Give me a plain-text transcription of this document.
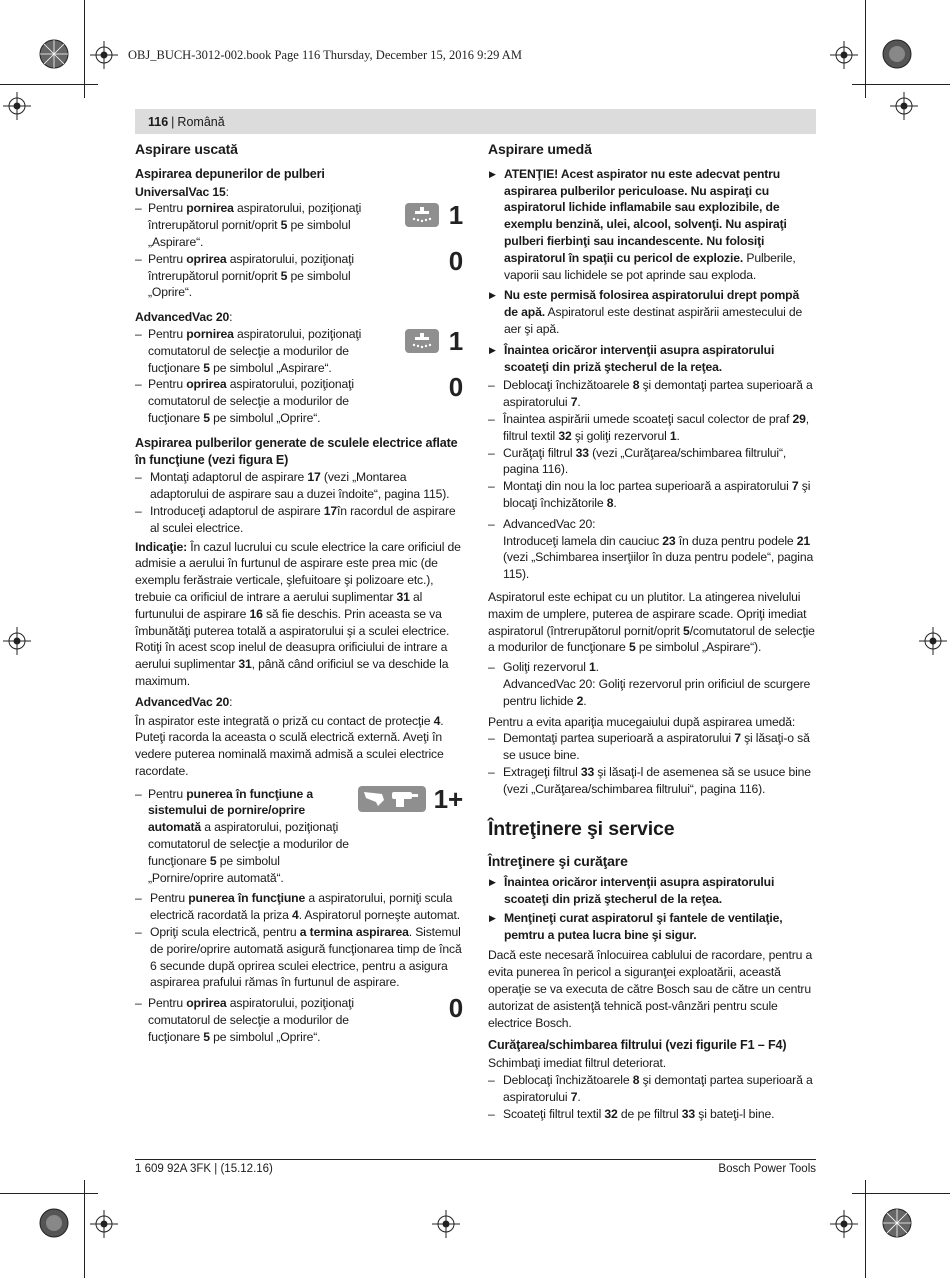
OBJ_BUCH-3012-002.book Page 116 Thursday, December 15, 2016 9:29 AM
116 | Română

Aspirare uscată

Aspirarea depunerilor de pulberi

UniversalVac 15:

– Pentru pornirea aspiratorului, poziţionaţi întrerupătorul pornit/oprit 5 pe simbolul „Aspirare“.

– Pentru oprirea aspiratorului, poziţionaţi întrerupătorul pornit/oprit 5 pe simbolul „Oprire“.

1
0

AdvancedVac 20:

– Pentru pornirea aspiratorului, poziţionaţi comutatorul de selecţie a modurilor de fucţionare 5 pe simbolul „Aspirare“.

– Pentru oprirea aspiratorului, poziţionaţi comutatorul de selecţie a modurilor de fucţionare 5 pe simbolul „Oprire“.

1
0

Aspirarea pulberilor generate de sculele electrice aflate în funcţiune (vezi figura E)

– Montaţi adaptorul de aspirare 17 (vezi „Montarea adaptorului de aspirare sau a duzei îndoite“, pagina 115).

– Introduceţi adaptorul de aspirare 17în racordul de aspirare al sculei electrice.

Indicaţie: În cazul lucrului cu scule electrice la care orificiul de admisie a aerului în furtunul de aspirare este prea mic (de exemplu ferăstraie verticale, şlefuitoare şi polizoare etc.), trebuie ca orificiul de intrare a aerului suplimentar 31 al furtunului de aspirare 16 să fie deschis. Prin aceasta se va îmbunătăţi puterea totală a aspiratorului şi a sculei electrice.

Rotiţi în acest scop inelul de deasupra orificiului de intrare a aerului suplimentar 31, până când orificiul se va deschide la maximum.

AdvancedVac 20:

În aspirator este integrată o priză cu contact de protecţie 4. Puteţi racorda la aceasta o sculă electrică externă. Aveţi în vedere puterea nominală maximă admisă a sculei electrice racordate.

– Pentru punerea în funcţiune a sistemului de pornire/oprire automată a aspiratorului, poziţionaţi comutatorul de selecţie a modurilor de funcţionare 5 pe simbolul „Pornire/oprire automată“.

1+

– Pentru punerea în funcţiune a aspiratorului, porniţi scula electrică racordată la priza 4. Aspiratorul porneşte automat.

– Opriţi scula electrică, pentru a termina aspirarea. Sistemul de porire/oprire automată asigură funcţionarea timp de încă 6 secunde după oprirea sculei electrice, pentru a asigura aspirarea prafului rămas în furtunul de aspirare.

– Pentru oprirea aspiratorului, poziţionaţi comutatorul de selecţie a modurilor de fucţionare 5 pe simbolul „Oprire“.

0

Aspirare umedă

▶ ATENŢIE! Acest aspirator nu este adecvat pentru aspirarea pulberilor periculoase. Nu aspiraţi cu aspiratorul lichide inflamabile sau explozibile, de exemplu benzină, ulei, alcool, solvenţi. Nu aspiraţi pulberi fierbinţi sau incandescente. Nu folosiţi aspiratorul în spaţii cu pericol de explozie. Pulberile, vaporii sau lichidele se pot aprinde sau exploda.

▶ Nu este permisă folosirea aspiratorului drept pompă de apă. Aspiratorul este destinat aspirării amestecului de aer şi apă.

▶ Înaintea oricăror intervenţii asupra aspiratorului scoateţi din priză ştecherul de la reţea.

– Deblocaţi închizătoarele 8 şi demontaţi partea superioară a aspiratorului 7.

– Înaintea aspirării umede scoateţi sacul colector de praf 29, filtrul textil 32 şi goliţi rezervorul 1.

– Curăţaţi filtrul 33 (vezi „Curăţarea/schimbarea filtrului“, pagina 116).

– Montaţi din nou la loc partea superioară a aspiratorului 7 şi blocaţi închizătorile 8.

– AdvancedVac 20:
Introduceţi lamela din cauciuc 23 în duza pentru podele 21 (vezi „Schimbarea inserţiilor în duza pentru podele“, pagina 115).

Aspiratorul este echipat cu un plutitor. La atingerea nivelului maxim de umplere, puterea de aspirare scade. Opriţi imediat aspiratorul (întrerupătorul pornit/oprit 5/comutatorul de selecţie a modurilor de funcţionare 5 pe simbolul „Aspirare“).

– Goliţi rezervorul 1.
AdvancedVac 20: Goliţi rezervorul prin orificiul de scurgere pentru lichide 2.

Pentru a evita apariţia mucegaiului după aspirarea umedă:

– Demontaţi partea superioară a aspiratorului 7 şi lăsaţi-o să se usuce bine.

– Extrageţi filtrul 33 şi lăsaţi-l de asemenea să se usuce bine (vezi „Curăţarea/schimbarea filtrului“, pagina 116).

Întreţinere şi service

Întreţinere şi curăţare

▶ Înaintea oricăror intervenţii asupra aspiratorului scoateţi din priză ştecherul de la reţea.

▶ Menţineţi curat aspiratorul şi fantele de ventilaţie, pemtru a putea lucra bine şi sigur.

Dacă este necesară înlocuirea cablului de racordare, pentru a evita punerea în pericol a siguranţei exploatării, această operaţie se va executa de către Bosch sau de către un centru autorizat de asistenţă tehnică post-vânzări pentru scule electrice Bosch.

Curăţarea/schimbarea filtrului (vezi figurile F1 – F4)

Schimbaţi imediat filtrul deteriorat.

– Deblocaţi închizătoarele 8 şi demontaţi partea superioară a aspiratorului 7.

– Scoateţi filtrul textil 32 de pe filtrul 33 şi bateţi-l bine.

1 609 92A 3FK | (15.12.16)	Bosch Power Tools
